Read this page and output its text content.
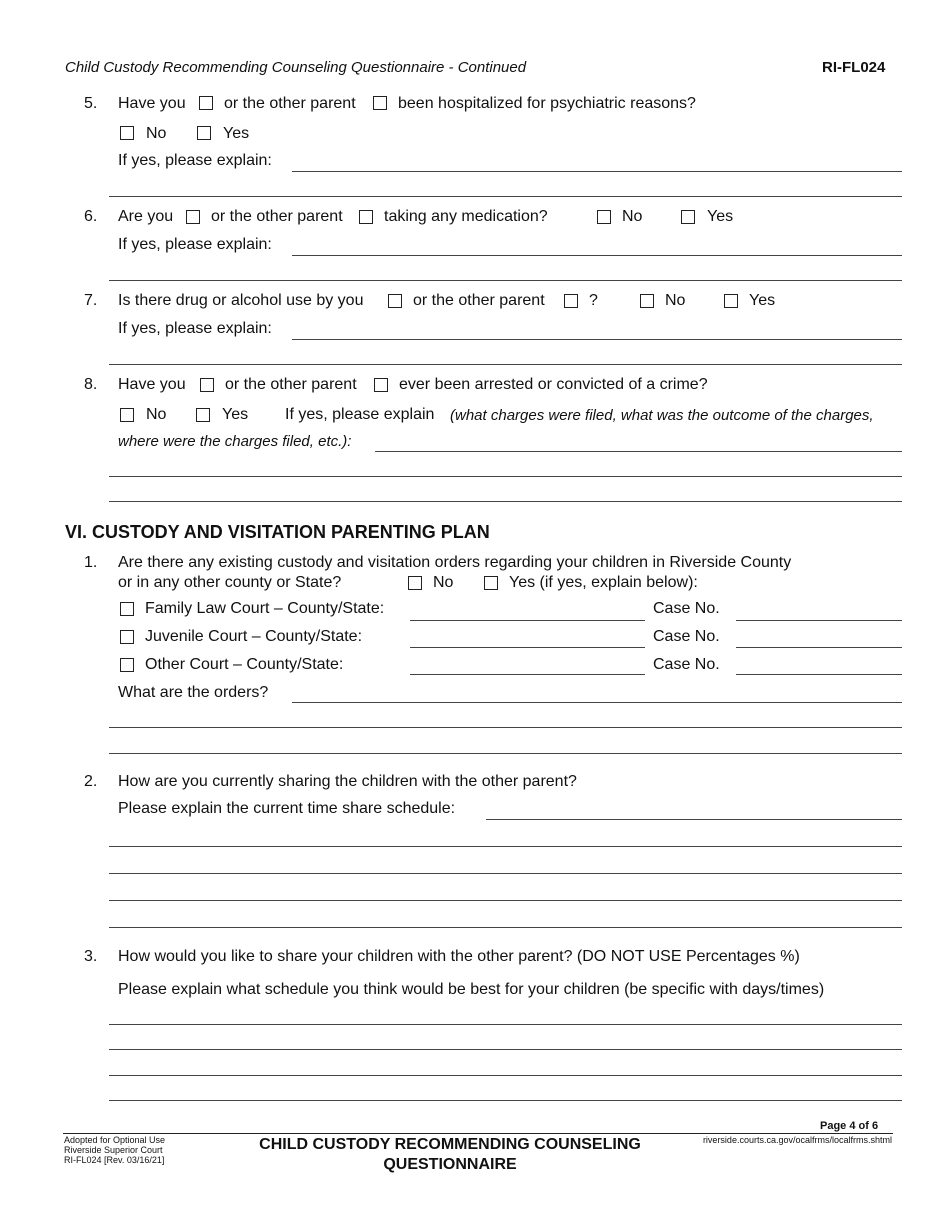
Child Custody Recommending Counseling Questionnaire - Continued	RI-FL024
5. Have you or the other parent	been hospitalized for psychiatric reasons?
No	Yes
If yes, please explain:
6. Are you or the other parent	taking any medication?	No	Yes
If yes, please explain:
7. Is there drug or alcohol use by you	or the other parent	?	No	Yes
If yes, please explain:
8. Have you or the other parent	ever been arrested or convicted of a crime?
No	Yes If yes, please explain (what charges were filed, what was the outcome of the charges,
where were the charges filed, etc.):
VI. CUSTODY AND VISITATION PARENTING PLAN
1. Are there any existing custody and visitation orders regarding your children in Riverside County
or in any other county or State?	No	Yes (if yes, explain below):
Family Law Court – County/State:	Case No.
Juvenile Court – County/State:	Case No.
Other Court – County/State:	Case No.
What are the orders?
2. How are you currently sharing the children with the other parent?
Please explain the current time share schedule:
3. How would you like to share your children with the other parent? (DO NOT USE Percentages %)
Please explain what schedule you think would be best for your children (be specific with days/times)
Page 4 of 6
Adopted for Optional Use
Riverside Superior Court
RI-FL024 [Rev. 03/16/21]
CHILD CUSTODY RECOMMENDING COUNSELING
QUESTIONNAIRE
riverside.courts.ca.gov/ocalfrms/localfrms.shtml
